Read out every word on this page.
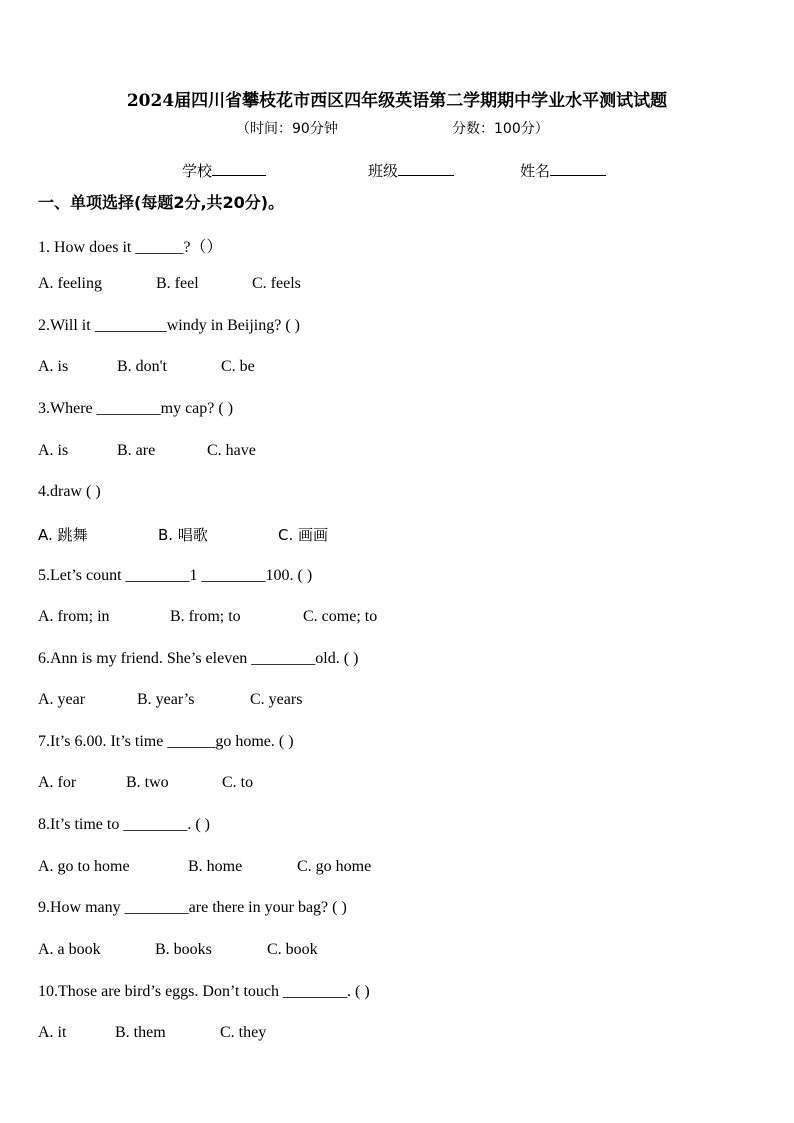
2024届四川省攀枝花市西区四年级英语第二学期期中学业水平测试试题
（时间：90分钟	分数：100分）
学校	班级	姓名
一、单项选择(每题2分,共20分)。
1. How does it ______?（）
A. feeling	B. feel	C. feels
2.Will it _________windy in Beijing? ( )
A. is	B. don't	C. be
3.Where ________my cap? ( )
A. is	B. are	C. have
4.draw ( )
A. 跳舞	B. 唱歌	C. 画画
5.Let’s count ________1 ________100. ( )
A. from; in	B. from; to	C. come; to
6.Ann is my friend. She’s eleven ________old. ( )
A. year	B. year’s	C. years
7.It’s 6.00. It’s time ______go home. ( )
A. for	B. two	C. to
8.It’s time to ________. ( )
A. go to home	B. home	C. go home
9.How many ________are there in your bag? ( )
A. a book	B. books	C. book
10.Those are bird’s eggs. Don’t touch ________. ( )
A. it	B. them	C. they
